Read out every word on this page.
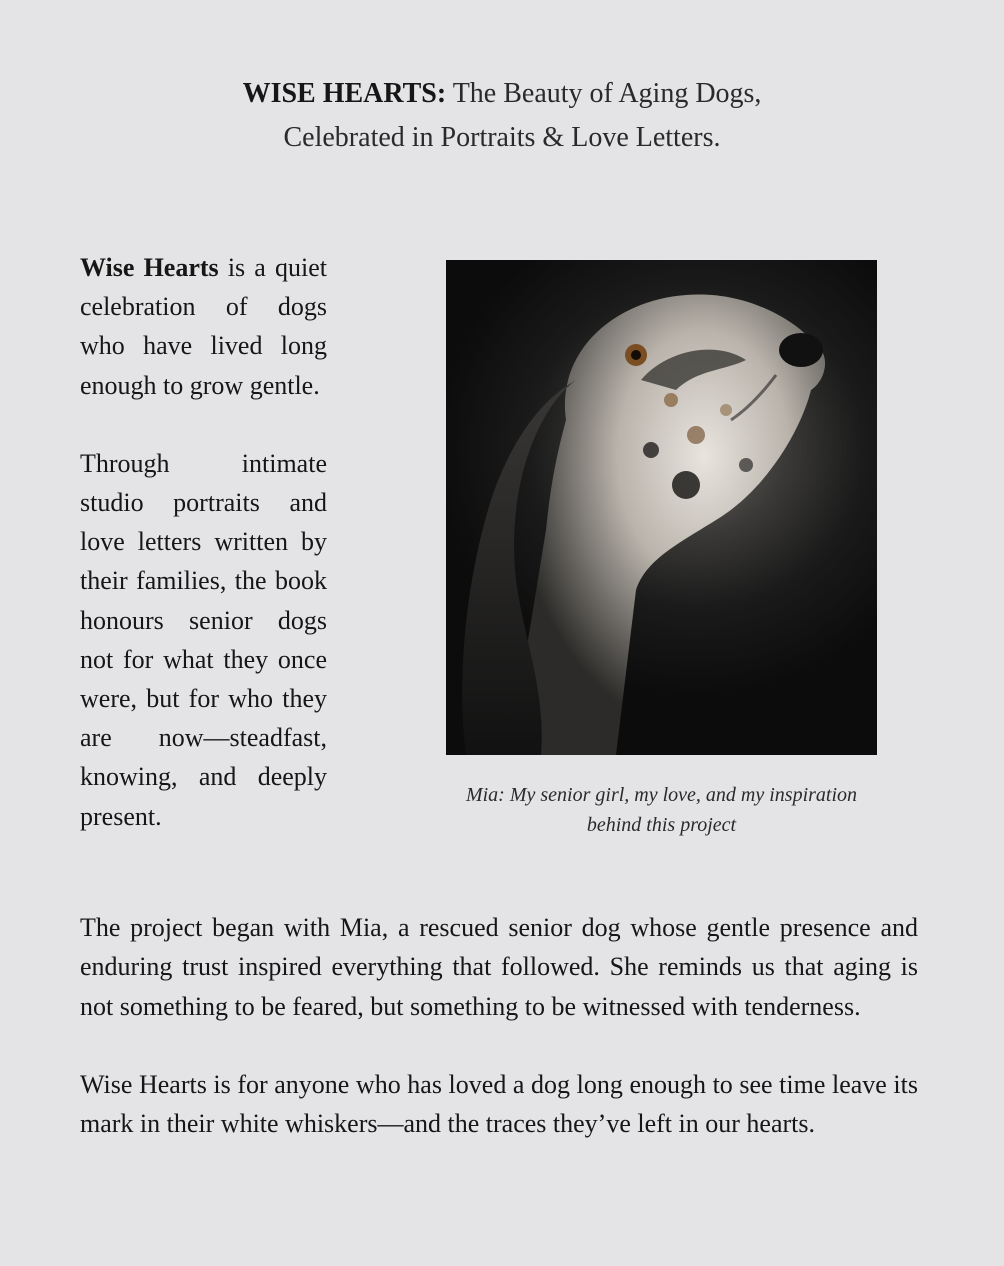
WISE HEARTS: The Beauty of Aging Dogs,
Celebrated in Portraits & Love Letters.

Wise Hearts is a quiet celebration of dogs who have lived long enough to grow gentle.

Through intimate studio portraits and love letters written by their families, the book honours senior dogs not for what they once were, but for who they are now—steadfast, knowing, and deeply present.

Mia: My senior girl, my love, and my inspiration
behind this project

The project began with Mia, a rescued senior dog whose gentle presence and enduring trust inspired everything that followed. She reminds us that aging is not something to be feared, but something to be witnessed with tenderness.

Wise Hearts is for anyone who has loved a dog long enough to see time leave its mark in their white whiskers—and the traces they’ve left in our hearts.
